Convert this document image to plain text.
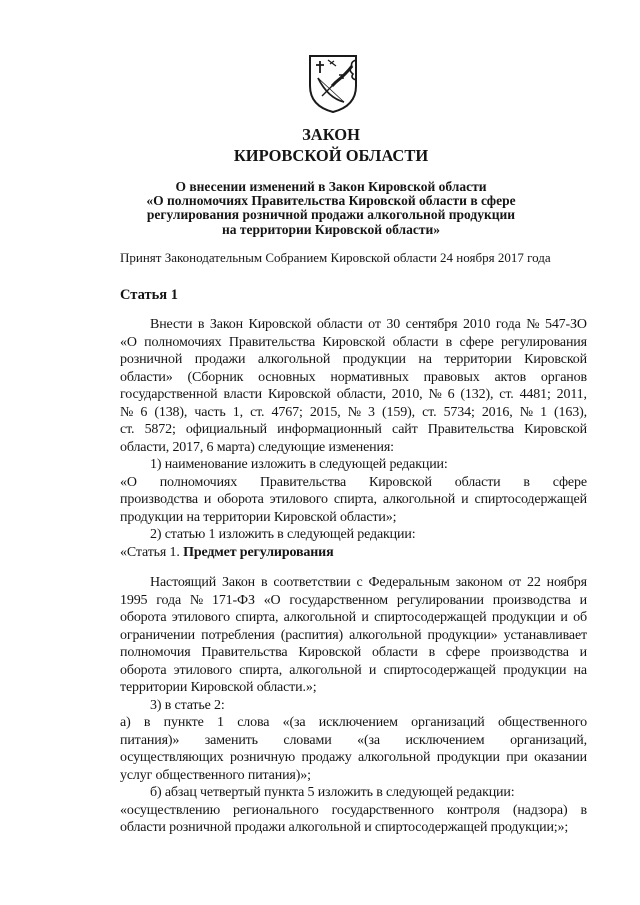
ЗАКОН
КИРОВСКОЙ ОБЛАСТИ
О внесении изменений в Закон Кировской области
«О полномочиях Правительства Кировской области в сфере
регулирования розничной продажи алкогольной продукции
на территории Кировской области»
Принят Законодательным Собранием Кировской области 24 ноября 2017 года
Статья 1
Внести в Закон Кировской области от 30 сентября 2010 года № 547-ЗО
«О полномочиях Правительства Кировской области в сфере регулирования
розничной продажи алкогольной продукции на территории Кировской
области» (Сборник основных нормативных правовых актов органов
государственной власти Кировской области, 2010, № 6 (132), ст. 4481; 2011,
№ 6 (138), часть 1, ст. 4767; 2015, № 3 (159), ст. 5734; 2016, № 1 (163),
ст. 5872; официальный информационный сайт Правительства Кировской
области, 2017, 6 марта) следующие изменения:
1) наименование изложить в следующей редакции:
«О полномочиях Правительства Кировской области в сфере
производства и оборота этилового спирта, алкогольной и спиртосодержащей
продукции на территории Кировской области»;
2) статью 1 изложить в следующей редакции:
«Статья 1. Предмет регулирования
Настоящий Закон в соответствии с Федеральным законом от 22 ноября
1995 года № 171-ФЗ «О государственном регулировании производства и
оборота этилового спирта, алкогольной и спиртосодержащей продукции и об
ограничении потребления (распития) алкогольной продукции» устанавливает
полномочия Правительства Кировской области в сфере производства и
оборота этилового спирта, алкогольной и спиртосодержащей продукции на
территории Кировской области.»;
3) в статье 2:
а) в пункте 1 слова «(за исключением организаций общественного
питания)» заменить словами «(за исключением организаций,
осуществляющих розничную продажу алкогольной продукции при оказании
услуг общественного питания)»;
б) абзац четвертый пункта 5 изложить в следующей редакции:
«осуществлению регионального государственного контроля (надзора) в
области розничной продажи алкогольной и спиртосодержащей продукции;»;
